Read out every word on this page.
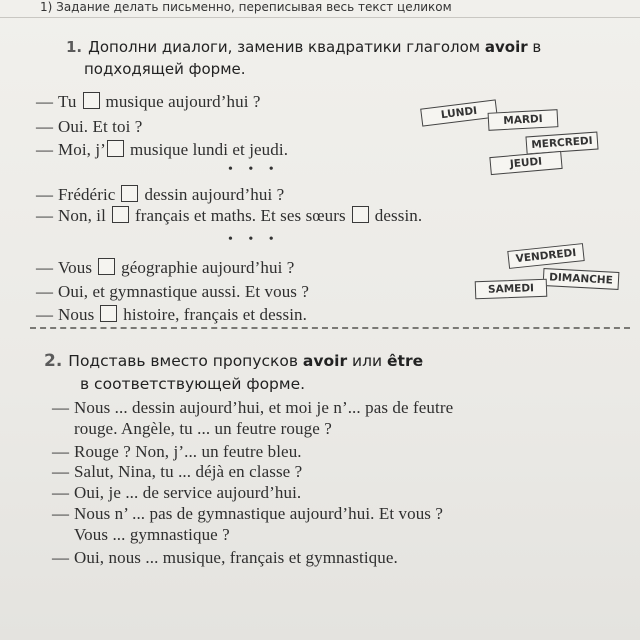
1) Задание делать письменно, переписывая весь текст целиком
1. Дополни диалоги, заменив квадратики глаголом avoir в
подходящей форме.
— Tu musique aujourd’hui ?
— Oui. Et toi ?
— Moi, j’ musique lundi et jeudi.
• • •
— Frédéric dessin aujourd’hui ?
— Non, il français et maths. Et ses sœurs dessin.
• • •
— Vous géographie aujourd’hui ?
— Oui, et gymnastique aussi. Et vous ?
— Nous histoire, français et dessin.
LUNDI	MARDI
MERCREDI
JEUDI
VENDREDI
DIMANCHE
SAMEDI
2. Подставь вместо пропусков avoir или être
в соответствующей форме.
— Nous ... dessin aujourd’hui, et moi je n’... pas de feutre
rouge. Angèle, tu ... un feutre rouge ?
— Rouge ? Non, j’... un feutre bleu.
— Salut, Nina, tu ... déjà en classe ?
— Oui, je ... de service aujourd’hui.
— Nous n’ ... pas de gymnastique aujourd’hui. Et vous ?
Vous ... gymnastique ?
— Oui, nous ... musique, français et gymnastique.
